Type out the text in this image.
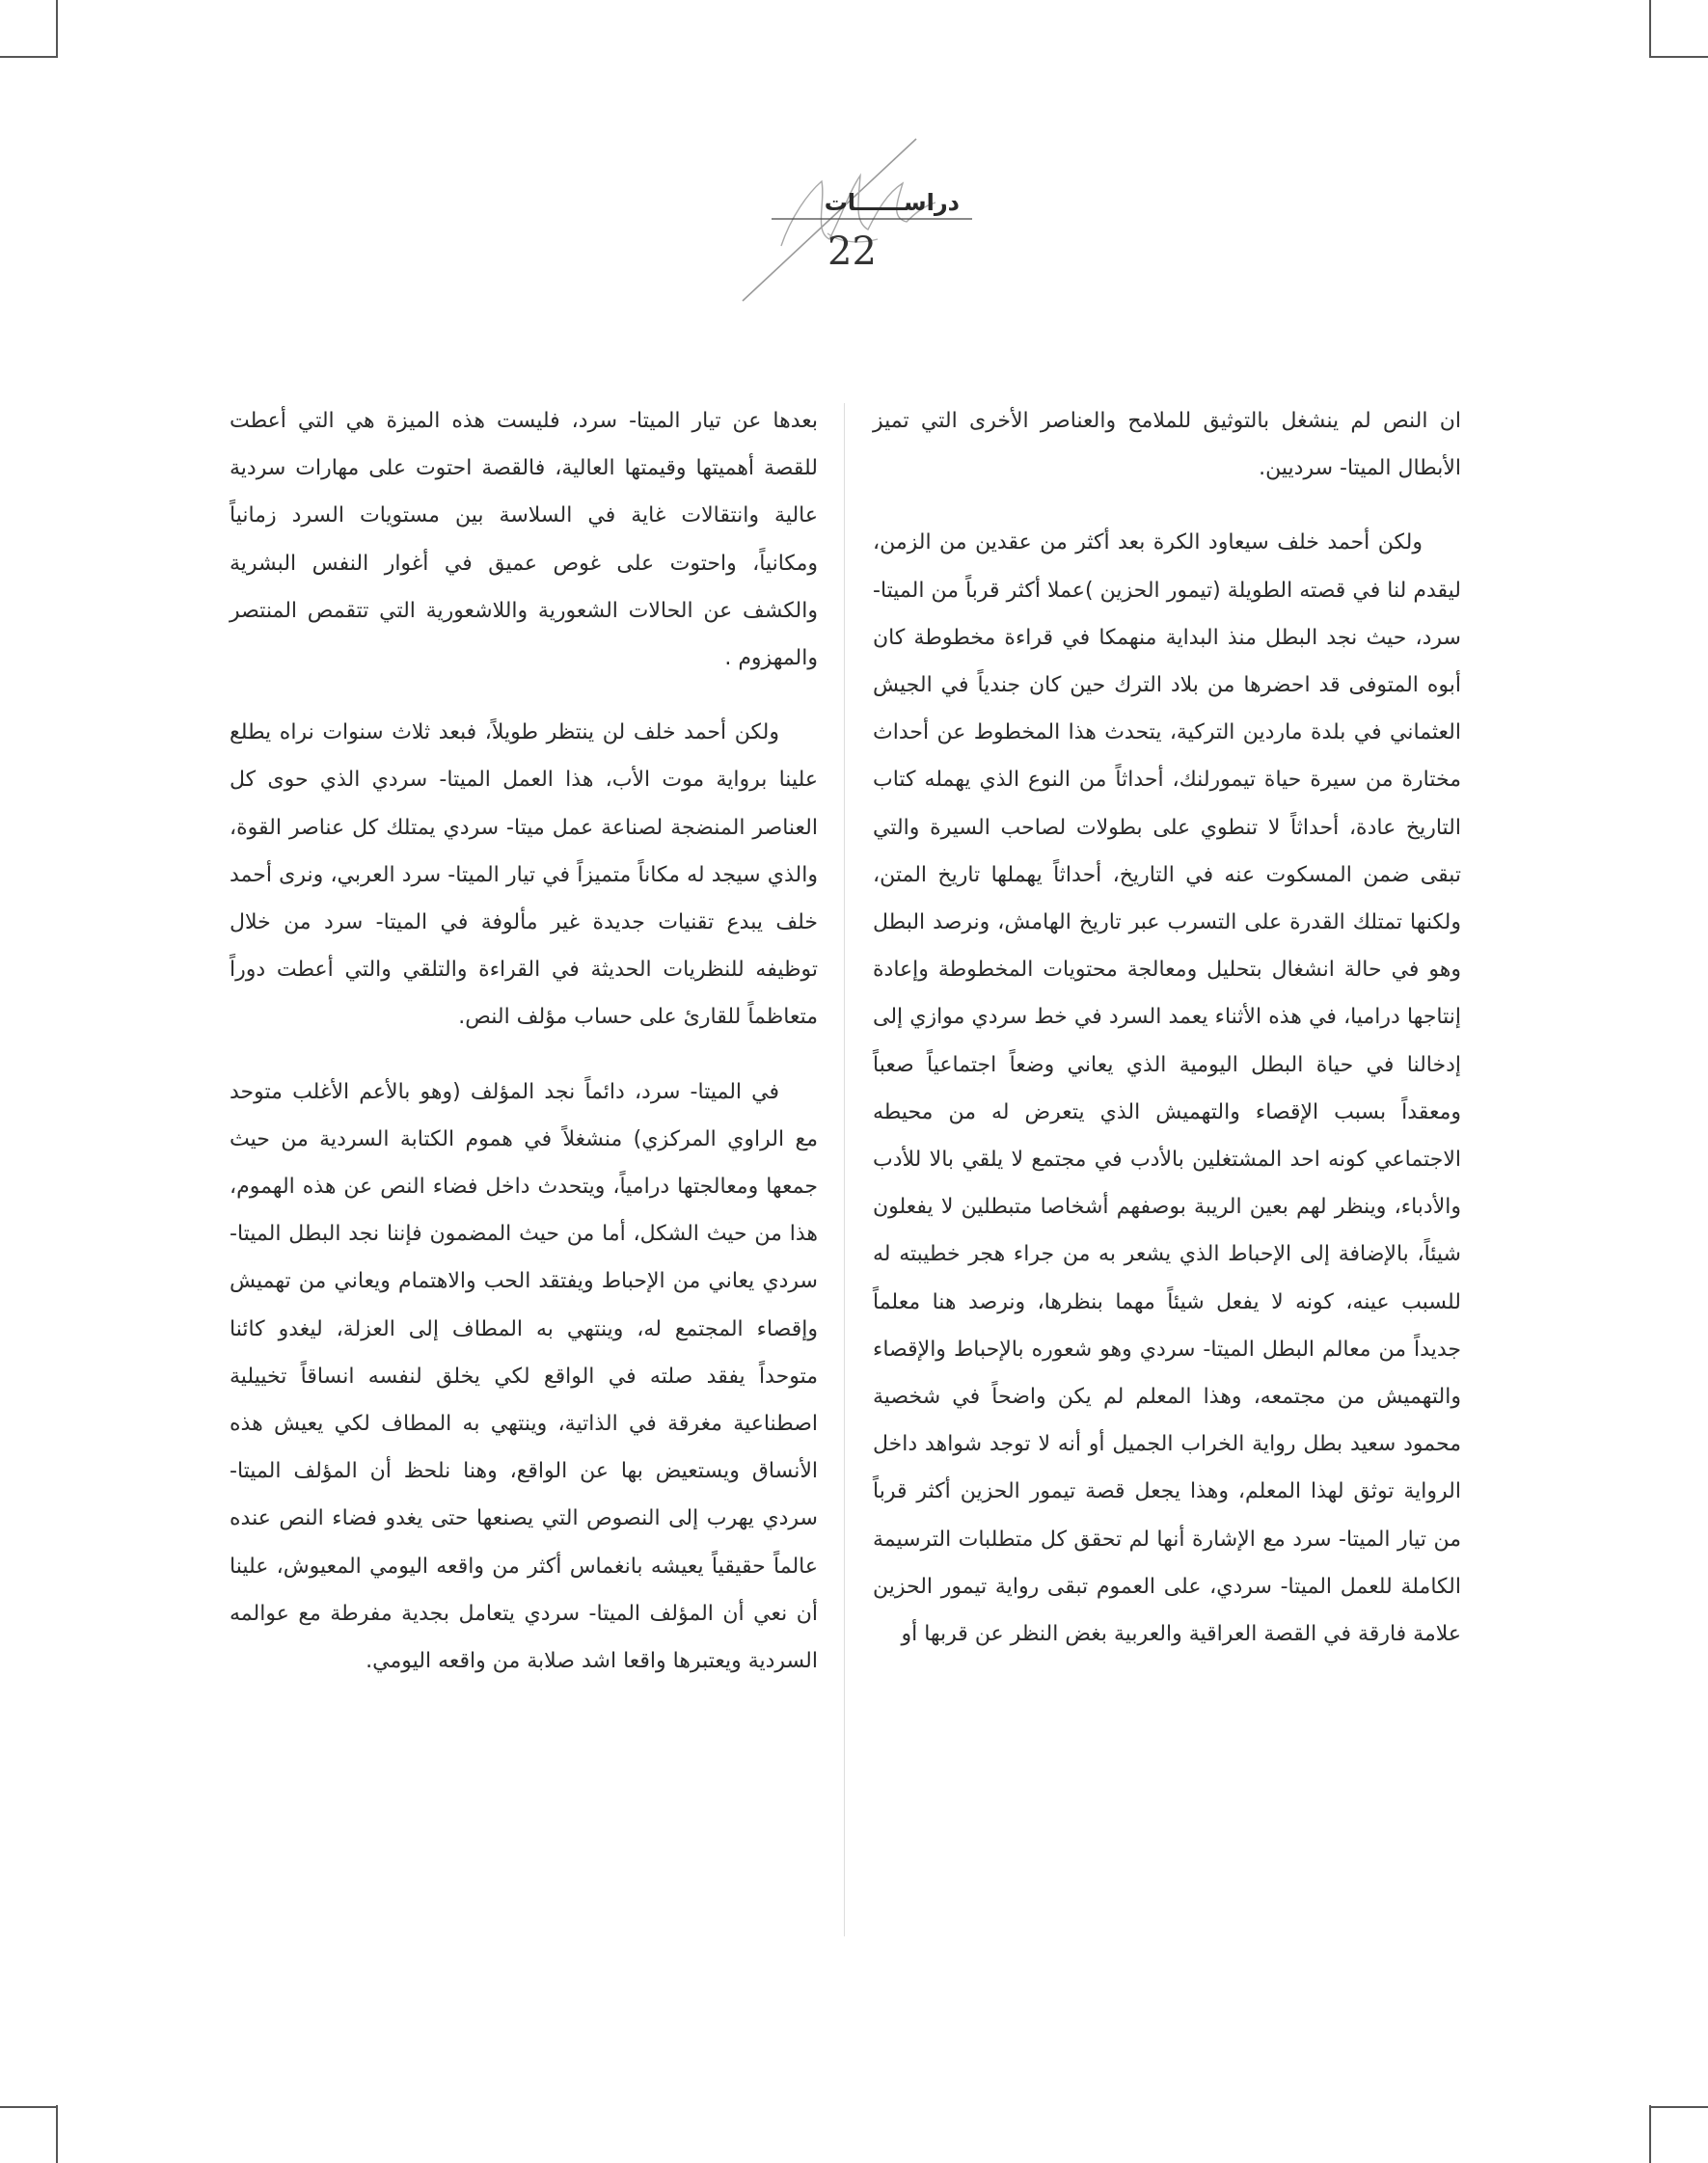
دراســــــات
22

ان النص لم ينشغل بالتوثيق للملامح والعناصر الأخرى التي تميز الأبطال الميتا- سرديين.

ولكن أحمد خلف سيعاود الكرة بعد أكثر من عقدين من الزمن، ليقدم لنا في قصته الطويلة (تيمور الحزين )عملا أكثر قرباً من الميتا- سرد، حيث نجد البطل منذ البداية منهمكا في قراءة مخطوطة كان أبوه المتوفى قد احضرها من بلاد الترك حين كان جندياً في الجيش العثماني في بلدة ماردين التركية، يتحدث هذا المخطوط عن أحداث مختارة من سيرة حياة تيمورلنك، أحداثاً من النوع الذي يهمله كتاب التاريخ عادة، أحداثاً لا تنطوي على بطولات لصاحب السيرة والتي تبقى ضمن المسكوت عنه في التاريخ، أحداثاً يهملها تاريخ المتن، ولكنها تمتلك القدرة على التسرب عبر تاريخ الهامش، ونرصد البطل وهو في حالة انشغال بتحليل ومعالجة محتويات المخطوطة وإعادة إنتاجها دراميا، في هذه الأثناء يعمد السرد في خط سردي موازي إلى إدخالنا في حياة البطل اليومية الذي يعاني وضعاً اجتماعياً صعباً ومعقداً بسبب الإقصاء والتهميش الذي يتعرض له من محيطه الاجتماعي كونه احد المشتغلين بالأدب في مجتمع لا يلقي بالا للأدب والأدباء، وينظر لهم بعين الريبة بوصفهم أشخاصا متبطلين لا يفعلون شيئاً، بالإضافة إلى الإحباط الذي يشعر به من جراء هجر خطيبته له للسبب عينه، كونه لا يفعل شيئاً مهما بنظرها، ونرصد هنا معلماً جديداً من معالم البطل الميتا- سردي وهو شعوره بالإحباط والإقصاء والتهميش من مجتمعه، وهذا المعلم لم يكن واضحاً في شخصية محمود سعيد بطل رواية الخراب الجميل أو أنه لا توجد شواهد داخل الرواية توثق لهذا المعلم، وهذا يجعل قصة تيمور الحزين أكثر قرباً من تيار الميتا- سرد مع الإشارة أنها لم تحقق كل متطلبات الترسيمة الكاملة للعمل الميتا- سردي، على العموم تبقى رواية تيمور الحزين علامة فارقة في القصة العراقية والعربية بغض النظر عن قربها أو

بعدها عن تيار الميتا- سرد، فليست هذه الميزة هي التي أعطت للقصة أهميتها وقيمتها العالية، فالقصة احتوت على مهارات سردية عالية وانتقالات غاية في السلاسة بين مستويات السرد زمانياً ومكانياً، واحتوت على غوص عميق في أغوار النفس البشرية والكشف عن الحالات الشعورية واللاشعورية التي تتقمص المنتصر والمهزوم .

ولكن أحمد خلف لن ينتظر طويلاً، فبعد ثلاث سنوات نراه يطلع علينا برواية موت الأب، هذا العمل الميتا- سردي الذي حوى كل العناصر المنضجة لصناعة عمل ميتا- سردي يمتلك كل عناصر القوة، والذي سيجد له مكاناً متميزاً في تيار الميتا- سرد العربي، ونرى أحمد خلف يبدع تقنيات جديدة غير مألوفة في الميتا- سرد من خلال توظيفه للنظريات الحديثة في القراءة والتلقي والتي أعطت دوراً متعاظماً للقارئ على حساب مؤلف النص.

في الميتا- سرد، دائماً نجد المؤلف (وهو بالأعم الأغلب متوحد مع الراوي المركزي) منشغلاً في هموم الكتابة السردية من حيث جمعها ومعالجتها درامياً، ويتحدث داخل فضاء النص عن هذه الهموم، هذا من حيث الشكل، أما من حيث المضمون فإننا نجد البطل الميتا- سردي يعاني من الإحباط ويفتقد الحب والاهتمام ويعاني من تهميش وإقصاء المجتمع له، وينتهي به المطاف إلى العزلة، ليغدو كائنا متوحداً يفقد صلته في الواقع لكي يخلق لنفسه انساقاً تخييلية اصطناعية مغرقة في الذاتية، وينتهي به المطاف لكي يعيش هذه الأنساق ويستعيض بها عن الواقع، وهنا نلحظ أن المؤلف الميتا- سردي يهرب إلى النصوص التي يصنعها حتى يغدو فضاء النص عنده عالماً حقيقياً يعيشه بانغماس أكثر من واقعه اليومي المعيوش، علينا أن نعي أن المؤلف الميتا- سردي يتعامل بجدية مفرطة مع عوالمه السردية ويعتبرها واقعا اشد صلابة من واقعه اليومي.
